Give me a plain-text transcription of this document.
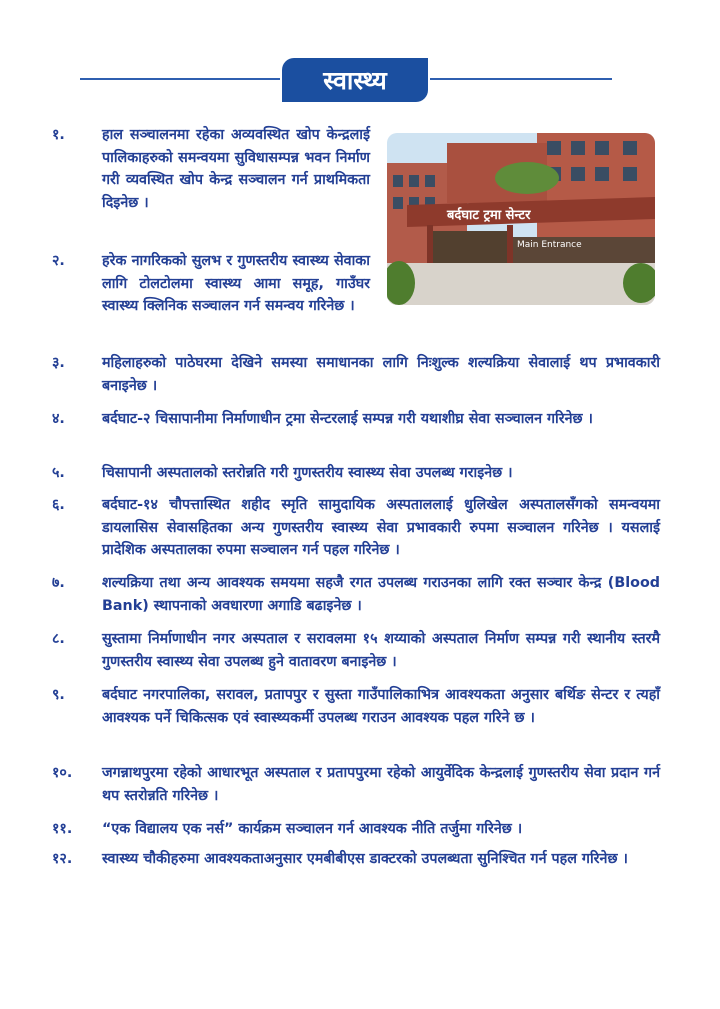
स्वास्थ्य
बर्दघाट ट्रमा सेन्टर
Main Entrance
१.	हाल सञ्चालनमा रहेका अव्यवस्थित खोप केन्द्रलाई पालिकाहरुको समन्वयमा सुविधासम्पन्न भवन निर्माण गरी व्यवस्थित खोप केन्द्र सञ्चालन गर्न प्राथमिकता दिइनेछ ।
२.	हरेक नागरिकको सुलभ र गुणस्तरीय स्वास्थ्य सेवाका लागि टोलटोलमा स्वास्थ्य आमा समूह, गाउँघर स्वास्थ्य क्लिनिक सञ्चालन गर्न समन्वय गरिनेछ ।
३.	महिलाहरुको पाठेघरमा देखिने समस्या समाधानका लागि निःशुल्क शल्यक्रिया सेवालाई थप प्रभावकारी बनाइनेछ ।
४.	बर्दघाट-२ चिसापानीमा निर्माणाधीन ट्रमा सेन्टरलाई सम्पन्न गरी यथाशीघ्र सेवा सञ्चालन गरिनेछ ।
५.	चिसापानी अस्पतालको स्तरोन्नति गरी गुणस्तरीय स्वास्थ्य सेवा उपलब्ध गराइनेछ ।
६.	बर्दघाट-१४ चौपत्तास्थित शहीद स्मृति सामुदायिक अस्पताललाई धुलिखेल अस्पतालसँगको समन्वयमा डायलासिस सेवासहितका अन्य गुणस्तरीय स्वास्थ्य सेवा प्रभावकारी रुपमा सञ्चालन गरिनेछ । यसलाई प्रादेशिक अस्पतालका रुपमा सञ्चालन गर्न पहल गरिनेछ ।
७.	शल्यक्रिया तथा अन्य आवश्यक समयमा सहजै रगत उपलब्ध गराउनका लागि रक्त सञ्चार केन्द्र (Blood Bank) स्थापनाको अवधारणा अगाडि बढाइनेछ ।
८.	सुस्तामा निर्माणाधीन नगर अस्पताल र सरावलमा १५ शय्याको अस्पताल निर्माण सम्पन्न गरी स्थानीय स्तरमै गुणस्तरीय स्वास्थ्य सेवा उपलब्ध हुने वातावरण बनाइनेछ ।
९.	बर्दघाट नगरपालिका, सरावल, प्रतापपुर र सुस्ता गाउँपालिकाभित्र आवश्यकता अनुसार बर्थिङ सेन्टर र त्यहाँ आवश्यक पर्ने चिकित्सक एवं स्वास्थ्यकर्मी उपलब्ध गराउन आवश्यक पहल गरिने छ ।
१०.	जगन्नाथपुरमा रहेको आधारभूत अस्पताल र प्रतापपुरमा रहेको आयुर्वेदिक केन्द्रलाई गुणस्तरीय सेवा प्रदान गर्न थप स्तरोन्नति गरिनेछ ।
११.	“एक विद्यालय एक नर्स” कार्यक्रम सञ्चालन गर्न आवश्यक नीति तर्जुमा गरिनेछ ।
१२.	स्वास्थ्य चौकीहरुमा आवश्यकताअनुसार एमबीबीएस डाक्टरको उपलब्धता सुनिश्चित गर्न पहल गरिनेछ ।
